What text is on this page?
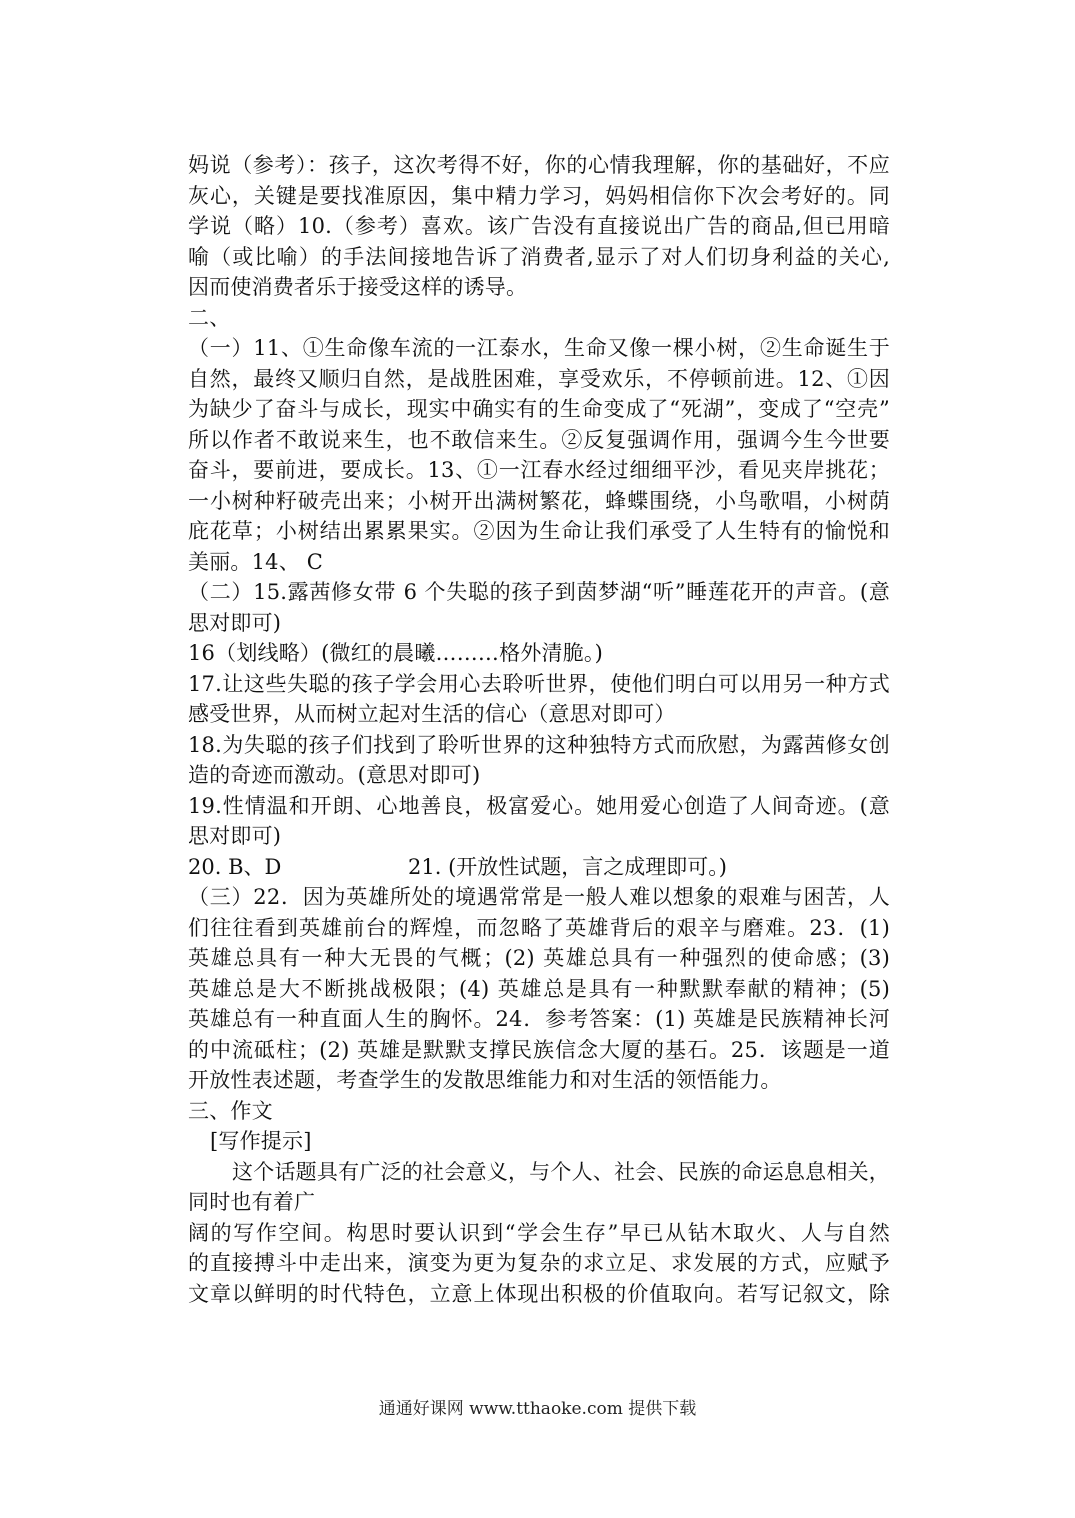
妈说（参考）：孩子，这次考得不好，你的心情我理解，你的基础好，不应
灰心，关键是要找准原因，集中精力学习，妈妈相信你下次会考好的。同
学说（略）10.（参考）喜欢。该广告没有直接说出广告的商品,但已用暗
喻（或比喻）的手法间接地告诉了消费者,显示了对人们切身利益的关心,
因而使消费者乐于接受这样的诱导。
二、
（一）11、①生命像车流的一江泰水，生命又像一棵小树，②生命诞生于
自然，最终又顺归自然，是战胜困难，享受欢乐，不停顿前进。12、①因
为缺少了奋斗与成长，现实中确实有的生命变成了“死湖”，变成了“空壳”
所以作者不敢说来生，也不敢信来生。②反复强调作用，强调今生今世要
奋斗，要前进，要成长。13、①一江春水经过细细平沙，看见夹岸挑花；
一小树种籽破壳出来；小树开出满树繁花，蜂蝶围绕，小鸟歌唱，小树荫
庇花草；小树结出累累果实。②因为生命让我们承受了人生特有的愉悦和
美丽。14、 C
（二）15.露茜修女带 6 个失聪的孩子到茵梦湖“听”睡莲花开的声音。(意
思对即可)
16（划线略）(微红的晨曦………格外清脆。)
17.让这些失聪的孩子学会用心去聆听世界，使他们明白可以用另一种方式
感受世界，从而树立起对生活的信心（意思对即可）
18.为失聪的孩子们找到了聆听世界的这种独特方式而欣慰，为露茜修女创
造的奇迹而激动。(意思对即可)
19.性情温和开朗、心地善良，极富爱心。她用爱心创造了人间奇迹。(意
思对即可)
20. B、D	21. (开放性试题，言之成理即可。)
（三）22．因为英雄所处的境遇常常是一般人难以想象的艰难与困苦，人
们往往看到英雄前台的辉煌，而忽略了英雄背后的艰辛与磨难。23．(1)
英雄总具有一种大无畏的气概；(2) 英雄总具有一种强烈的使命感；(3)
英雄总是大不断挑战极限；(4) 英雄总是具有一种默默奉献的精神；(5)
英雄总有一种直面人生的胸怀。24．参考答案：(1) 英雄是民族精神长河
的中流砥柱；(2) 英雄是默默支撑民族信念大厦的基石。25．该题是一道
开放性表述题，考查学生的发散思维能力和对生活的领悟能力。
三、作文
[写作提示]
这个话题具有广泛的社会意义，与个人、社会、民族的命运息息相关，
同时也有着广
阔的写作空间。构思时要认识到“学会生存”早已从钻木取火、人与自然
的直接搏斗中走出来，演变为更为复杂的求立足、求发展的方式，应赋予
文章以鲜明的时代特色，立意上体现出积极的价值取向。若写记叙文，除
通通好课网 www.tthaoke.com 提供下载
